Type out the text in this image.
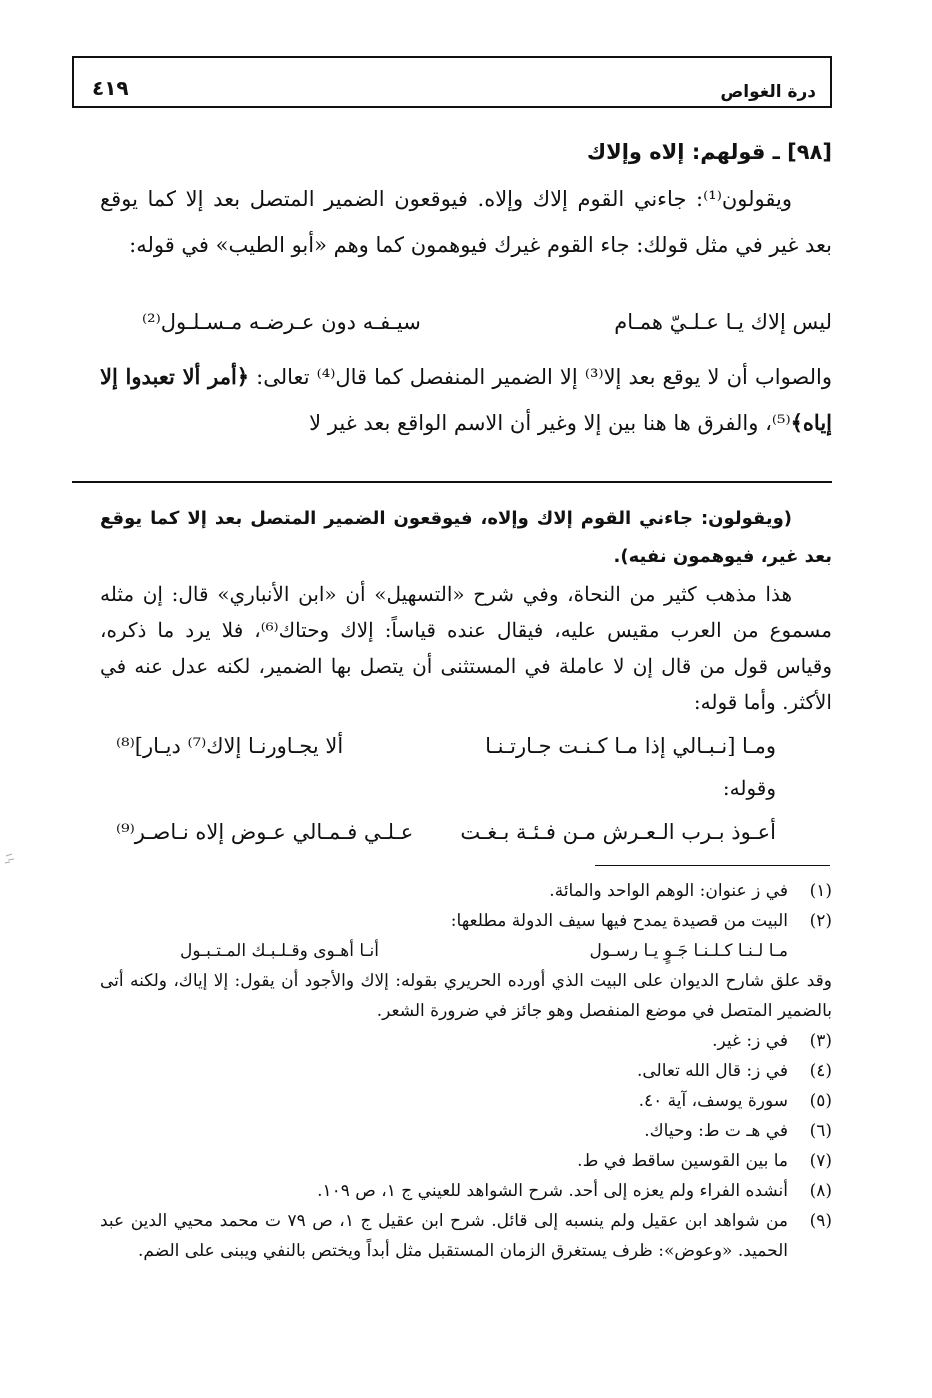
درة الغواص
٤١٩
[٩٨] ـ قولهم: إلاه وإلاك

ويقولون⁽¹⁾: جاءني القوم إلاك وإلاه. فيوقعون الضمير المتصل بعد إلا كما يوقع بعد غير في مثل قولك: جاء القوم غيرك فيوهمون كما وهم «أبو الطيب» في قوله:

ليس إلاك يـا عـلـيّ همـام
سيـفـه دون عـرضـه مـسـلـول⁽²⁾

والصواب أن لا يوقع بعد إلا⁽³⁾ إلا الضمير المنفصل كما قال⁽⁴⁾ تعالى: ﴿أمر ألا تعبدوا إلا إياه﴾⁽⁵⁾، والفرق ها هنا بين إلا وغير أن الاسم الواقع بعد غير لا

(ويقولون: جاءني القوم إلاك وإلاه، فيوقعون الضمير المتصل بعد إلا كما يوقع بعد غير، فيوهمون نفيه).

هذا مذهب كثير من النحاة، وفي شرح «التسهيل» أن «ابن الأنباري» قال: إن مثله مسموع من العرب مقيس عليه، فيقال عنده قياساً: إلاك وحتاك⁽⁶⁾، فلا يرد ما ذكره، وقياس قول من قال إن لا عاملة في المستثنى أن يتصل بها الضمير، لكنه عدل عنه في الأكثر. وأما قوله:

ومـا [نـبـالي إذا مـا كـنـت جـارتـنـا
ألا يجـاورنـا إلاك⁽⁷⁾ ديـار]⁽⁸⁾
وقوله:
أعـوذ بـرب الـعـرش مـن فـئـة بـغـت
عـلـي فـمـالي عـوض إلاه نـاصـر⁽⁹⁾
(١)
في ز عنوان: الوهم الواحد والمائة.
(٢)
البيت من قصيدة يمدح فيها سيف الدولة مطلعها:
مـا لـنـا كـلـنـا جَـوٍ يـا رسـول
أنـا أهـوى وقـلـبـك المـتـبـول
وقد علق شارح الديوان على البيت الذي أورده الحريري بقوله: إلاك والأجود أن يقول: إلا إياك، ولكنه أتى بالضمير المتصل في موضع المنفصل وهو جائز في ضرورة الشعر.
(٣)
في ز: غير.
(٤)
في ز: قال الله تعالى.
(٥)
سورة يوسف، آية ٤٠.
(٦)
في هـ ت ط: وحياك.
(٧)
ما بين القوسين ساقط في ط.
(٨)
أنشده الفراء ولم يعزه إلى أحد. شرح الشواهد للعيني ج ١، ص ١٠٩.
(٩)
من شواهد ابن عقيل ولم ينسبه إلى قائل. شرح ابن عقيل ج ١، ص ٧٩ ت محمد محيي الدين عبد الحميد. «وعوض»: ظرف يستغرق الزمان المستقبل مثل أبداً ويختص بالنفي ويبنى على الضم.
